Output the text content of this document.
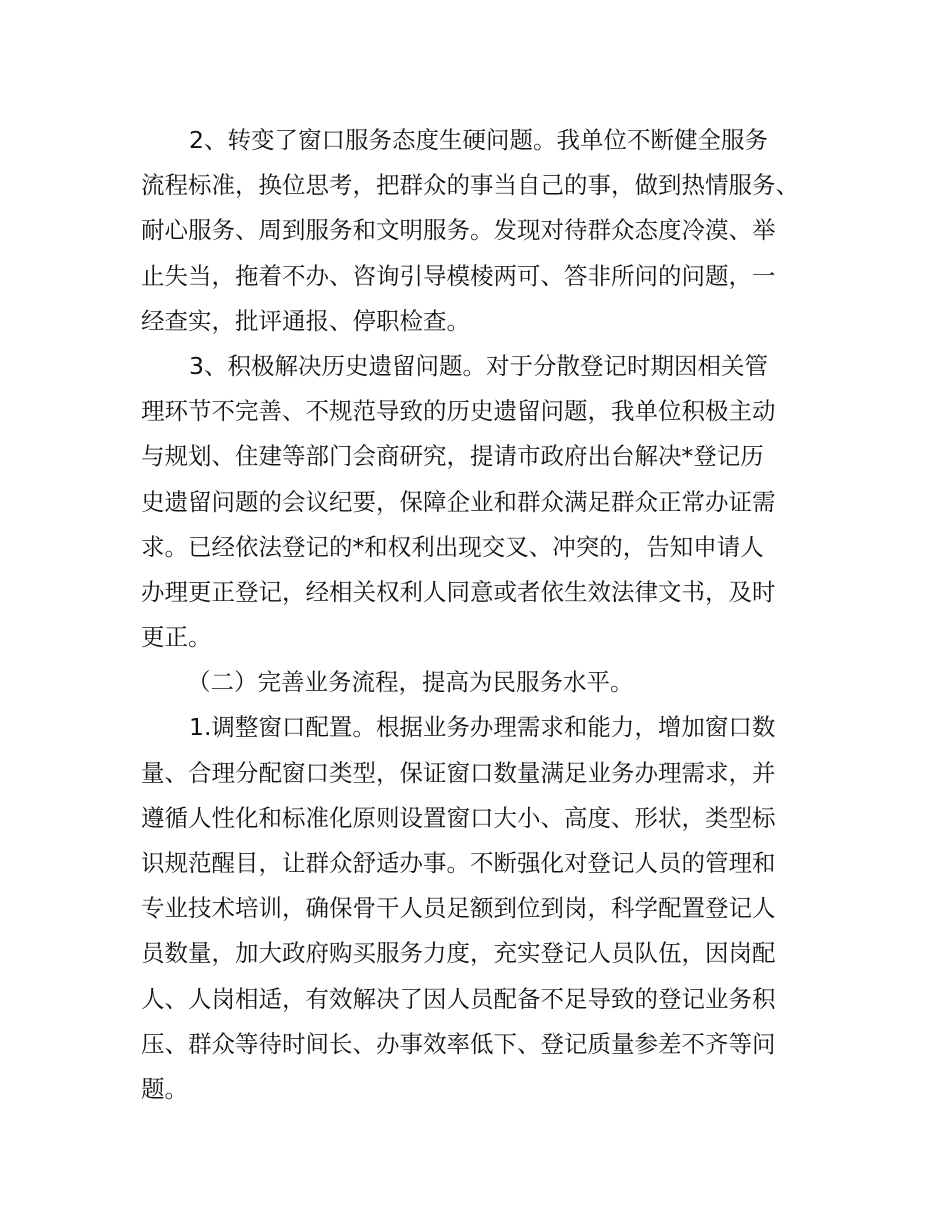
2、转变了窗口服务态度生硬问题。我单位不断健全服务
流程标准，换位思考，把群众的事当自己的事，做到热情服务、
耐心服务、周到服务和文明服务。发现对待群众态度冷漠、举
止失当，拖着不办、咨询引导模棱两可、答非所问的问题，一
经查实，批评通报、停职检查。
3、积极解决历史遗留问题。对于分散登记时期因相关管
理环节不完善、不规范导致的历史遗留问题，我单位积极主动
与规划、住建等部门会商研究，提请市政府出台解决*登记历
史遗留问题的会议纪要，保障企业和群众满足群众正常办证需
求。已经依法登记的*和权利出现交叉、冲突的，告知申请人
办理更正登记，经相关权利人同意或者依生效法律文书，及时
更正。
（二）完善业务流程，提高为民服务水平。
1.调整窗口配置。根据业务办理需求和能力，增加窗口数
量、合理分配窗口类型，保证窗口数量满足业务办理需求，并
遵循人性化和标准化原则设置窗口大小、高度、形状，类型标
识规范醒目，让群众舒适办事。不断强化对登记人员的管理和
专业技术培训，确保骨干人员足额到位到岗，科学配置登记人
员数量，加大政府购买服务力度，充实登记人员队伍，因岗配
人、人岗相适，有效解决了因人员配备不足导致的登记业务积
压、群众等待时间长、办事效率低下、登记质量参差不齐等问
题。
